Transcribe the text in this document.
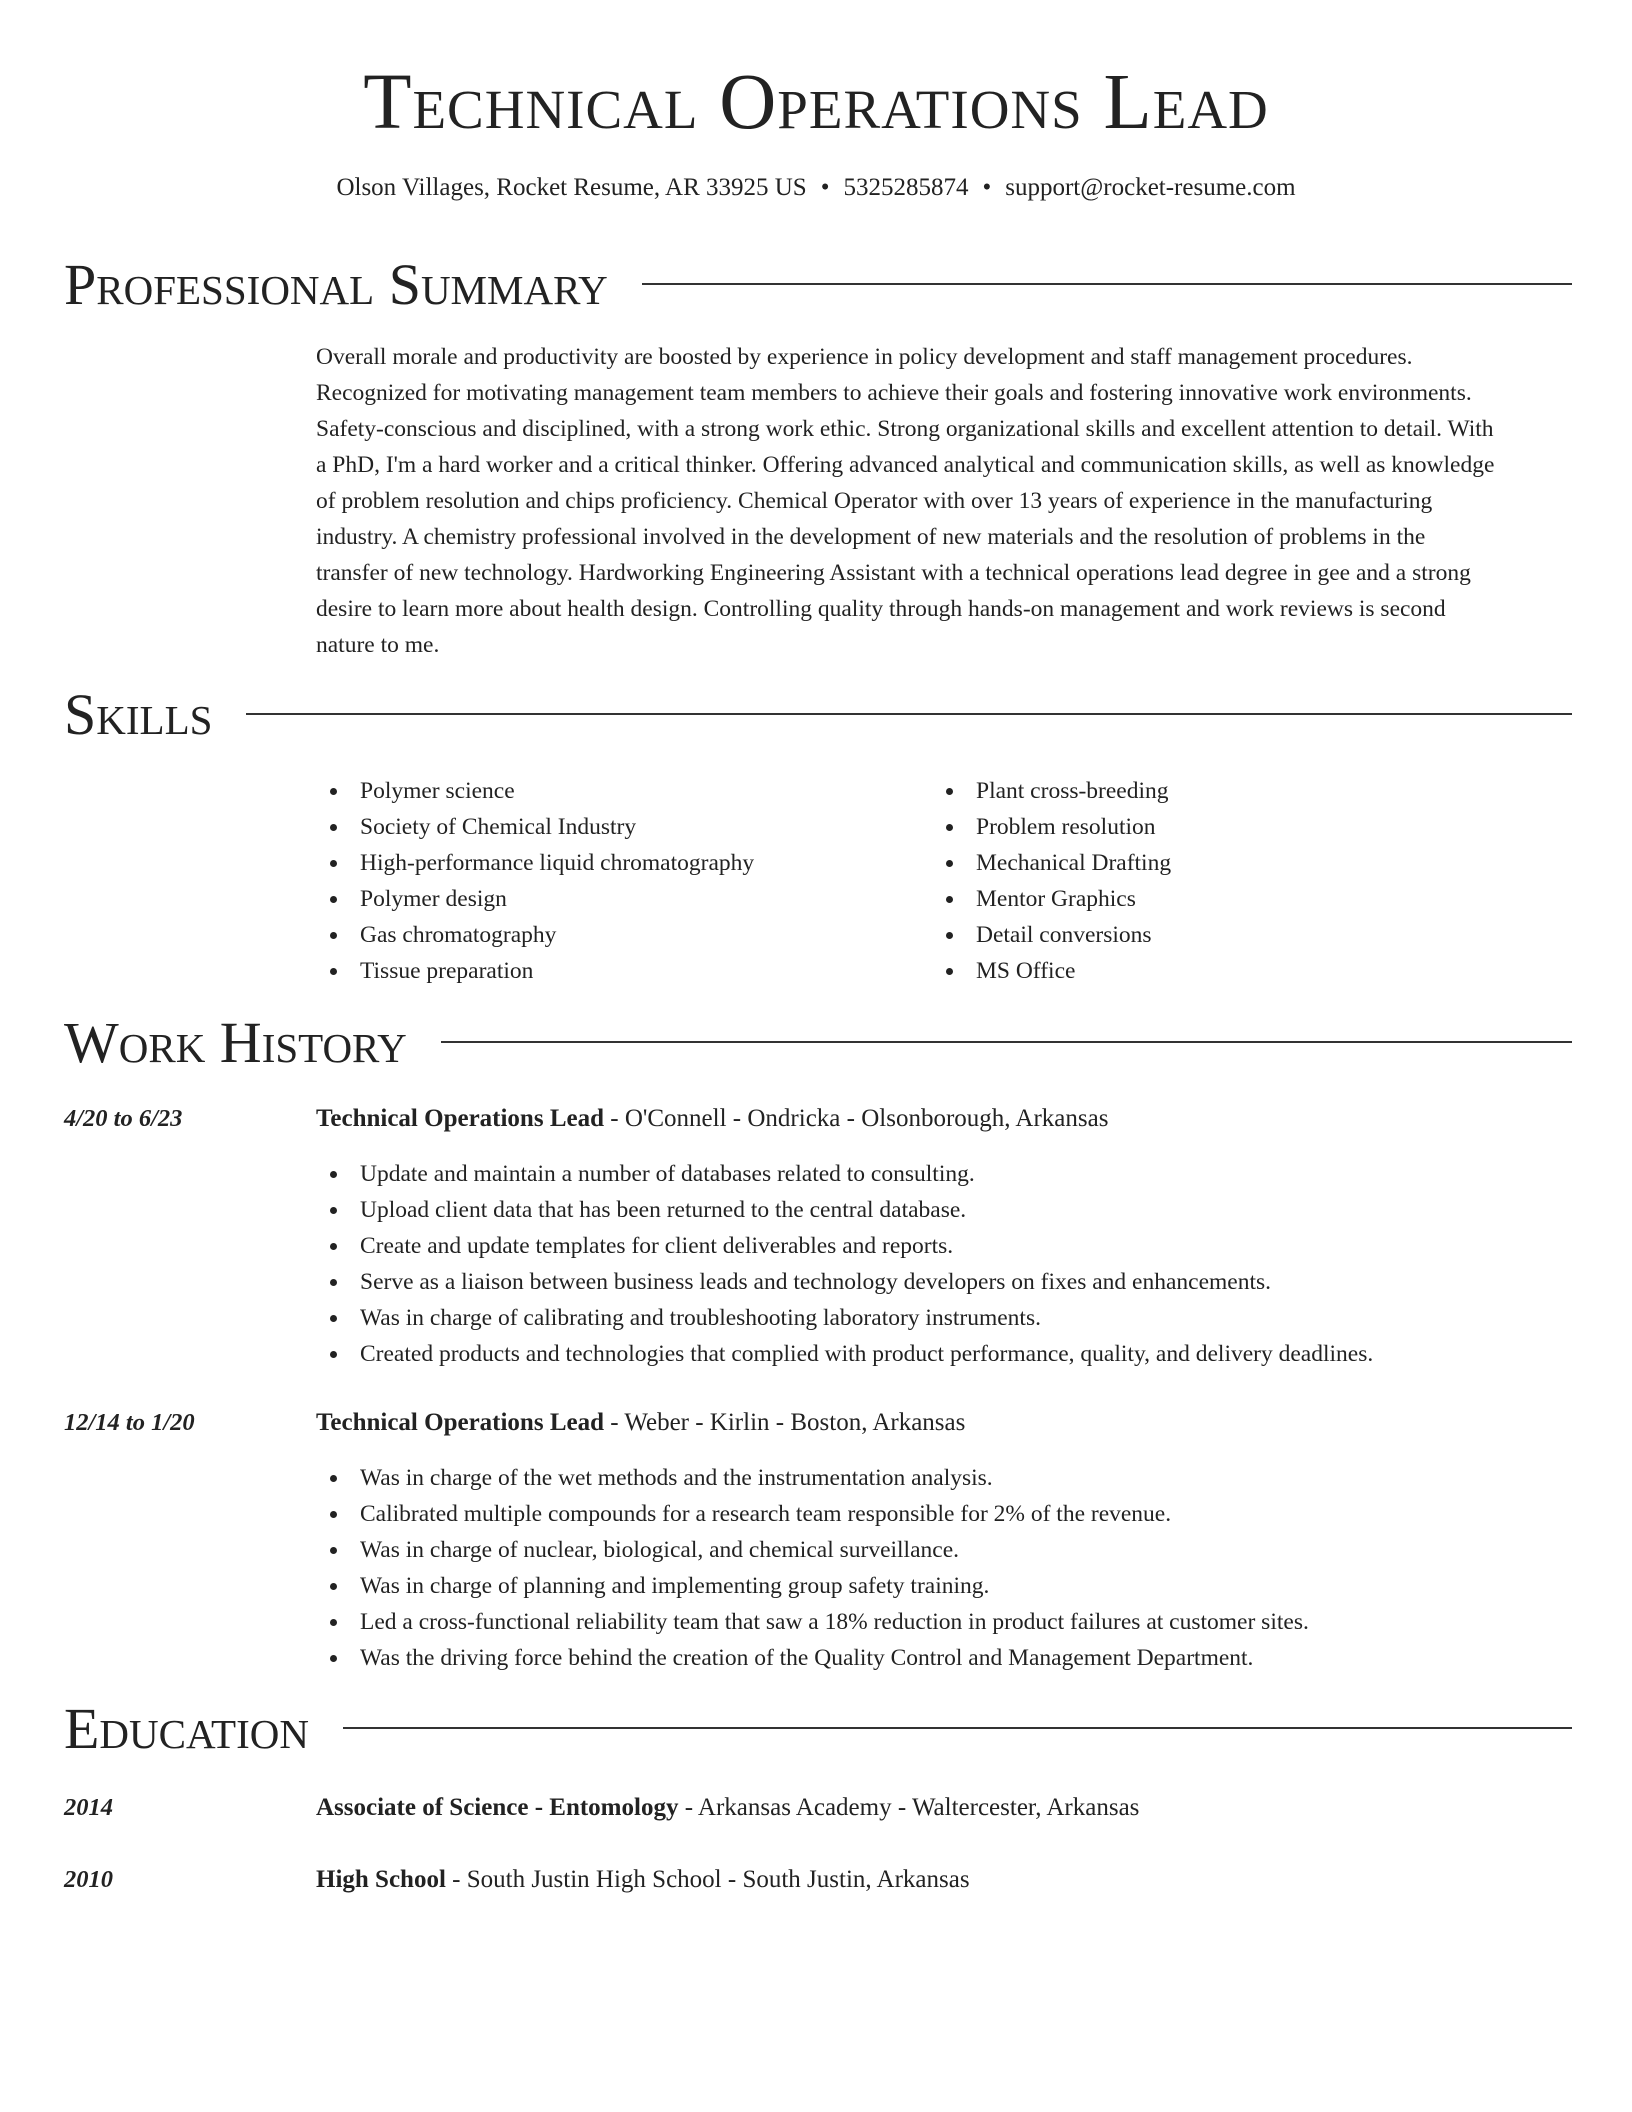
Technical Operations Lead

Olson Villages, Rocket Resume, AR 33925 US • 5325285874 • support@rocket-resume.com

Professional Summary
Overall morale and productivity are boosted by experience in policy development and staff management procedures.
Recognized for motivating management team members to achieve their goals and fostering innovative work environments.
Safety-conscious and disciplined, with a strong work ethic. Strong organizational skills and excellent attention to detail. With
a PhD, I'm a hard worker and a critical thinker. Offering advanced analytical and communication skills, as well as knowledge
of problem resolution and chips proficiency. Chemical Operator with over 13 years of experience in the manufacturing
industry. A chemistry professional involved in the development of new materials and the resolution of problems in the
transfer of new technology. Hardworking Engineering Assistant with a technical operations lead degree in gee and a strong
desire to learn more about health design. Controlling quality through hands-on management and work reviews is second
nature to me.
Skills
Polymer science
Society of Chemical Industry
High-performance liquid chromatography
Polymer design
Gas chromatography
Tissue preparation
Plant cross-breeding
Problem resolution
Mechanical Drafting
Mentor Graphics
Detail conversions
MS Office
Work History
4/20 to 6/23	Technical Operations Lead - O'Connell - Ondricka - Olsonborough, Arkansas
Update and maintain a number of databases related to consulting.
Upload client data that has been returned to the central database.
Create and update templates for client deliverables and reports.
Serve as a liaison between business leads and technology developers on fixes and enhancements.
Was in charge of calibrating and troubleshooting laboratory instruments.
Created products and technologies that complied with product performance, quality, and delivery deadlines.
12/14 to 1/20	Technical Operations Lead - Weber - Kirlin - Boston, Arkansas
Was in charge of the wet methods and the instrumentation analysis.
Calibrated multiple compounds for a research team responsible for 2% of the revenue.
Was in charge of nuclear, biological, and chemical surveillance.
Was in charge of planning and implementing group safety training.
Led a cross-functional reliability team that saw a 18% reduction in product failures at customer sites.
Was the driving force behind the creation of the Quality Control and Management Department.
Education
2014	Associate of Science - Entomology - Arkansas Academy - Waltercester, Arkansas
2010	High School - South Justin High School - South Justin, Arkansas
